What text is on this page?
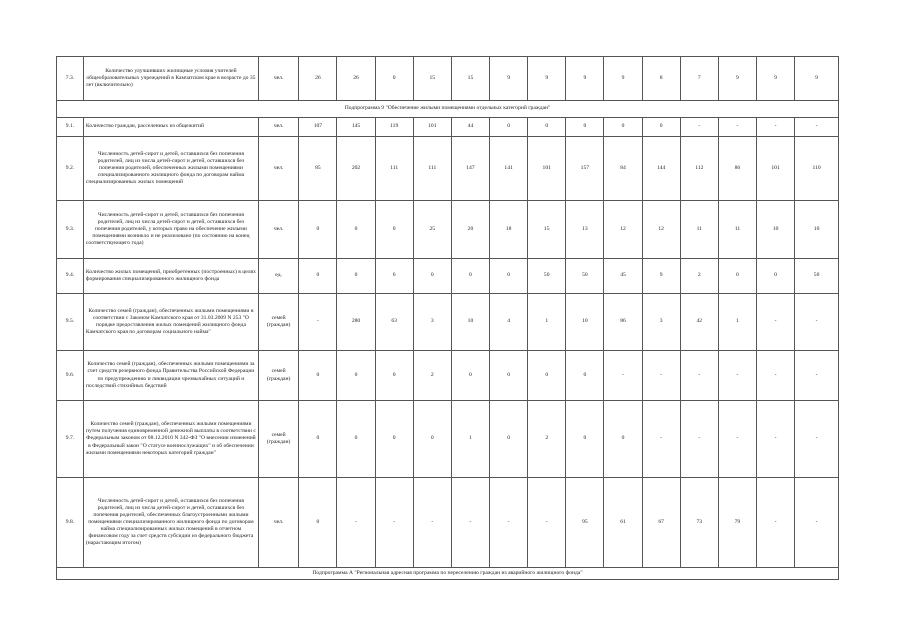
7.3.	Количество улучшивших жилищные условия учителей общеобразовательных учреждений в Камчатском крае в возрасте до 35 лет (включительно)	чел.	26	26	0	15	15	9	9	9	9	8	7	9	9	9
Подпрограмма 9 "Обеспечение жилыми помещениями отдельных категорий граждан"																
9.1.	Количество граждан, расселенных из общежитий	чел.	107	145	119	101	44	0	0	0	0	0	-	-	-	-
9.2.	Численность детей-сирот и детей, оставшихся без попечения родителей, лиц из числа детей-сирот и детей, оставшихся без попечения родителей, обеспеченных жилыми помещениями специализированного жилищного фонда по договорам найма специализированных жилых помещений	чел.	85	202	111	111	147	141	101	157	84	144	112	86	101	110
9.3.	Численность детей-сирот и детей, оставшихся без попечения родителей, лиц из числа детей-сирот и детей, оставшихся без попечения родителей, у которых право на обеспечение жилыми помещениями возникло и не реализовано (по состоянию на конец соответствующего года)	чел.	0	0	0	25	20	18	15	13	12	12	11	11	10	10
9.4.	Количество жилых помещений, приобретенных (построенных) в целях формирования специализированного жилищного фонда	ед.	0	0	6	0	0	0	50	50	45	9	2	0	0	50
9.5.	Количество семей (граждан), обеспеченных жилыми помещениями в соответствии с Законом Камчатского края от 31.03.2009 N 253 "О порядке предоставления жилых помещений жилищного фонда Камчатского края по договорам социального найма"	семей (граждан)	-	280	63	3	10	4	1	10	86	3	42	1	-	-
9.6.	Количество семей (граждан), обеспеченных жилыми помещениями за счет средств резервного фонда Правительства Российской Федерации по предупреждению и ликвидации чрезвычайных ситуаций и последствий стихийных бедствий	семей (граждан)	0	0	0	2	0	0	0	0	-	-	-	-	-	-
9.7.	Количество семей (граждан), обеспеченных жилыми помещениями путем получения единовременной денежной выплаты в соответствии с Федеральным законом от 08.12.2010 N 342-ФЗ "О внесении изменений в Федеральный закон "О статусе военнослужащих" и об обеспечении жилыми помещениями некоторых категорий граждан"	семей (граждан)	0	0	0	0	1	0	2	0	0	-	-	-	-	-
9.8.	Численность детей-сирот и детей, оставшихся без попечения родителей, лиц из числа детей-сирот и детей, оставшихся без попечения родителей, обеспеченных благоустроенными жилыми помещениями специализированного жилищного фонда по договорам найма специализированных жилых помещений в отчетном финансовом году за счет средств субсидии из федерального бюджета (нарастающим итогом)	чел.	0	-	-	-	-	-	-	95	61	67	73	79	-	-
Подпрограмма А "Региональная адресная программа по переселению граждан из аварийного жилищного фонда"																
